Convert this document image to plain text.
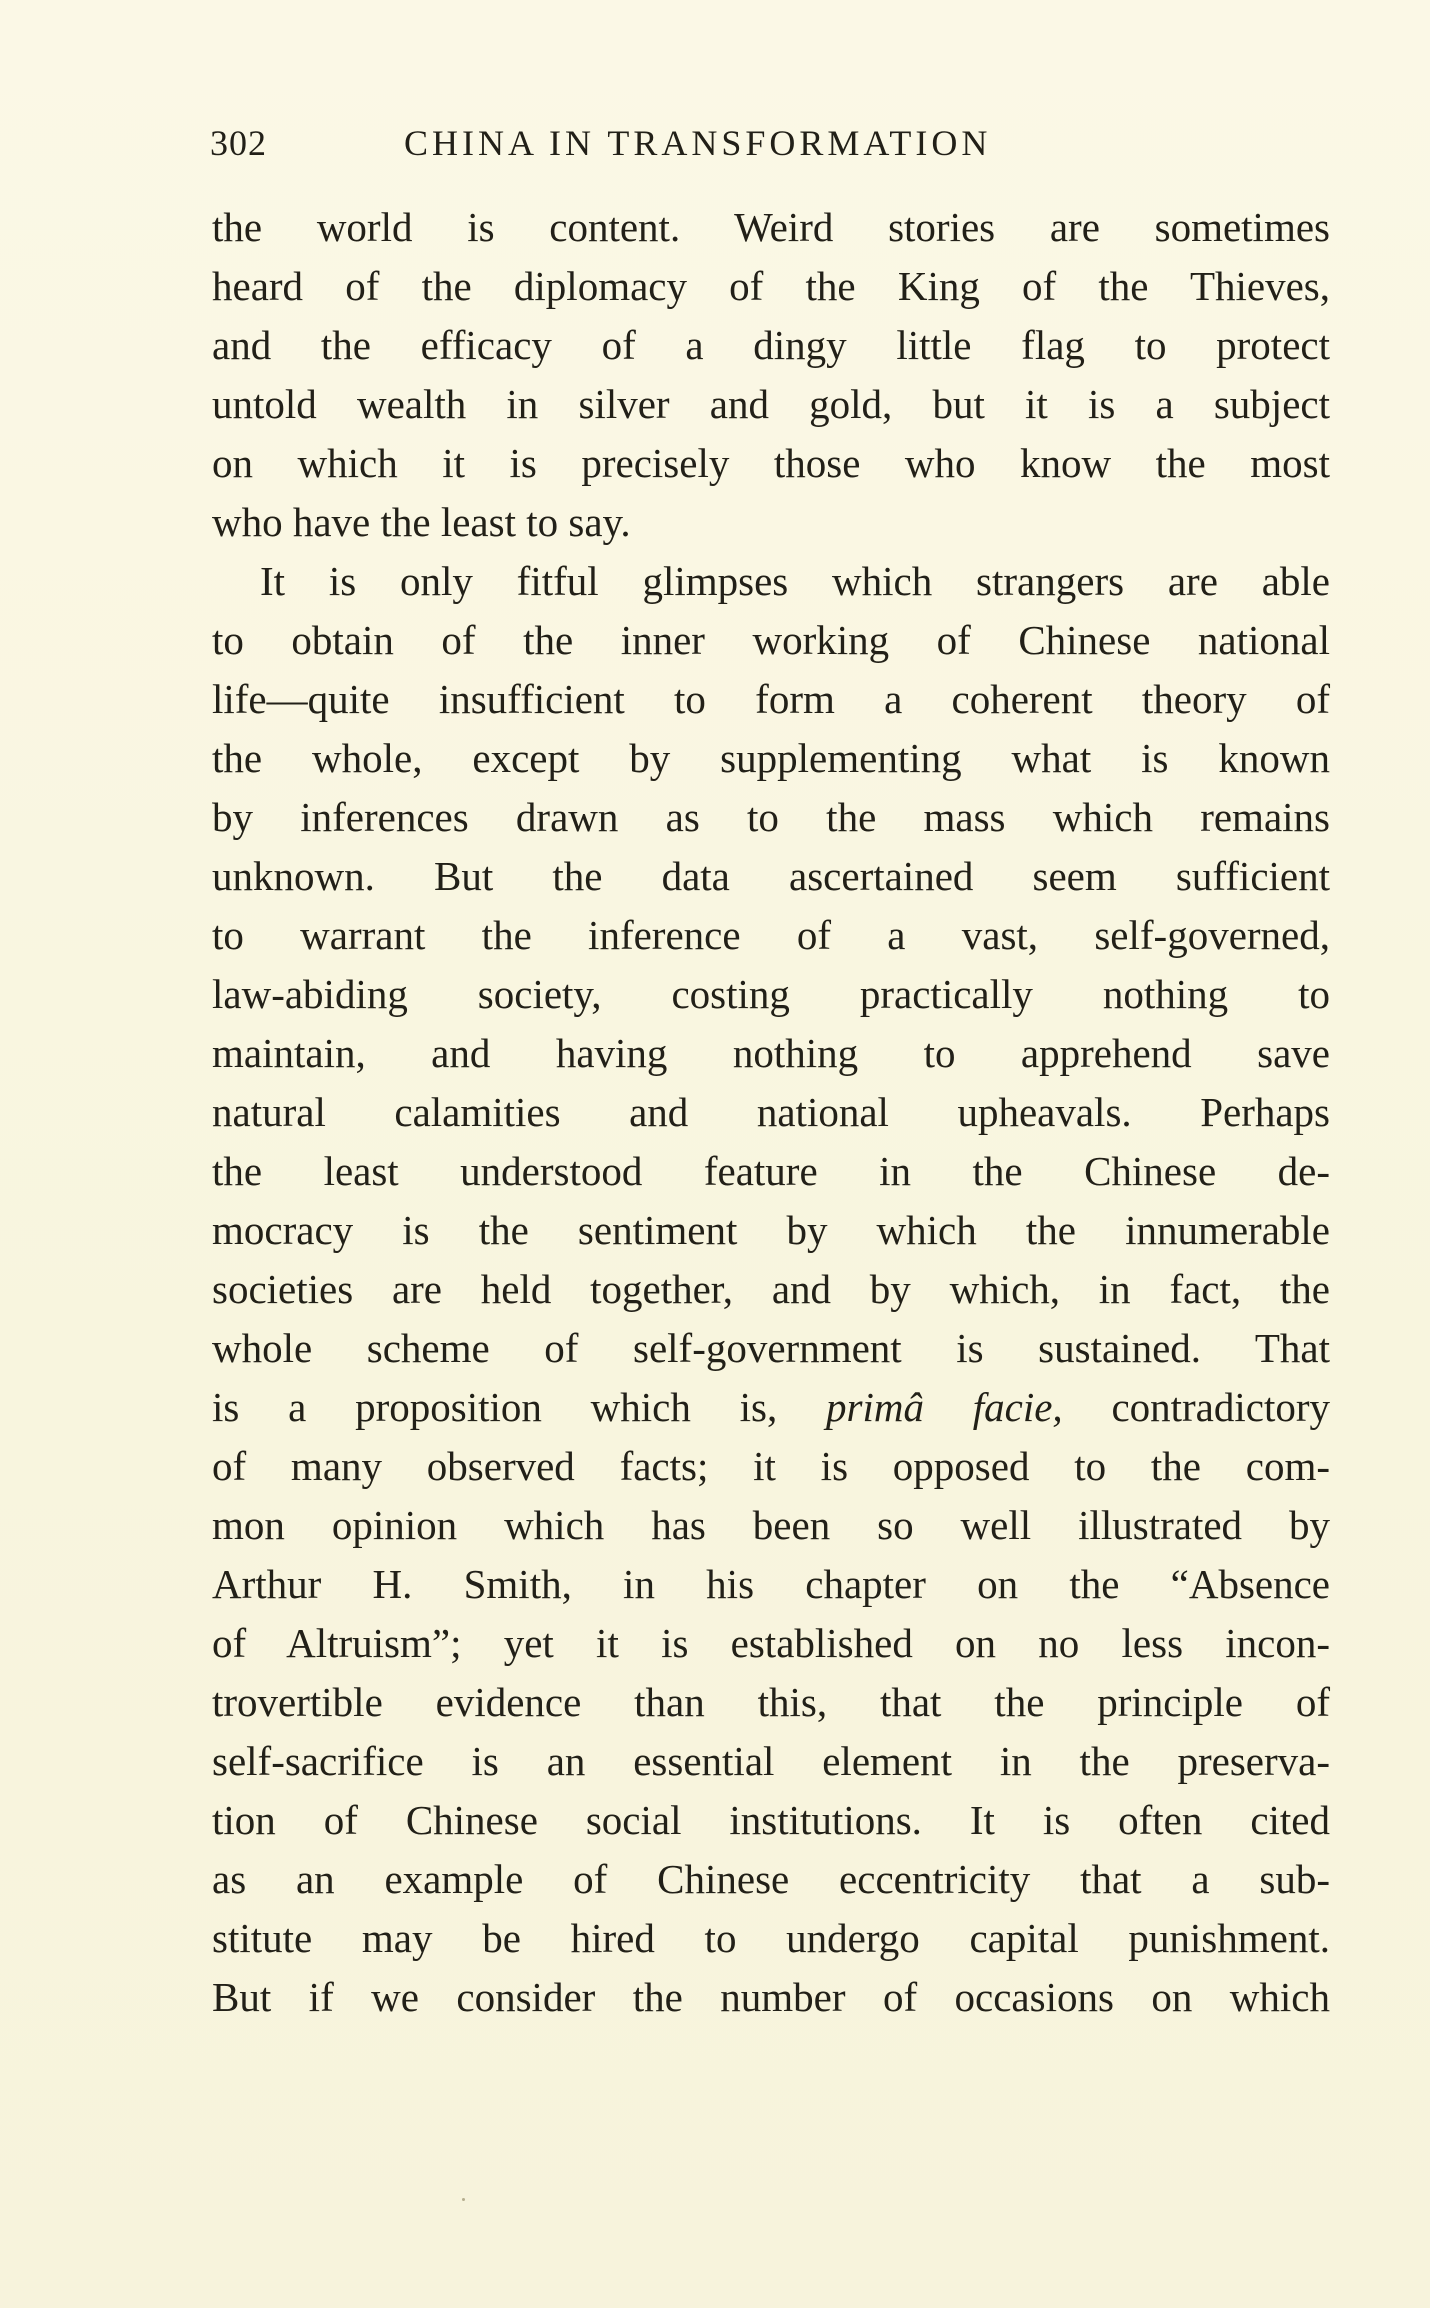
302	CHINA IN TRANSFORMATION
the world is content. Weird stories are sometimes
heard of the diplomacy of the King of the Thieves,
and the efficacy of a dingy little flag to protect
untold wealth in silver and gold, but it is a subject
on which it is precisely those who know the most
who have the least to say.
It is only fitful glimpses which strangers are able
to obtain of the inner working of Chinese national
life—quite insufficient to form a coherent theory of
the whole, except by supplementing what is known
by inferences drawn as to the mass which remains
unknown. But the data ascertained seem sufficient
to warrant the inference of a vast, self-governed,
law-abiding society, costing practically nothing to
maintain, and having nothing to apprehend save
natural calamities and national upheavals. Perhaps
the least understood feature in the Chinese de-
mocracy is the sentiment by which the innumerable
societies are held together, and by which, in fact, the
whole scheme of self-government is sustained. That
is a proposition which is, primâ facie, contradictory
of many observed facts; it is opposed to the com-
mon opinion which has been so well illustrated by
Arthur H. Smith, in his chapter on the “Absence
of Altruism”; yet it is established on no less incon-
trovertible evidence than this, that the principle of
self-sacrifice is an essential element in the preserva-
tion of Chinese social institutions. It is often cited
as an example of Chinese eccentricity that a sub-
stitute may be hired to undergo capital punishment.
But if we consider the number of occasions on which
